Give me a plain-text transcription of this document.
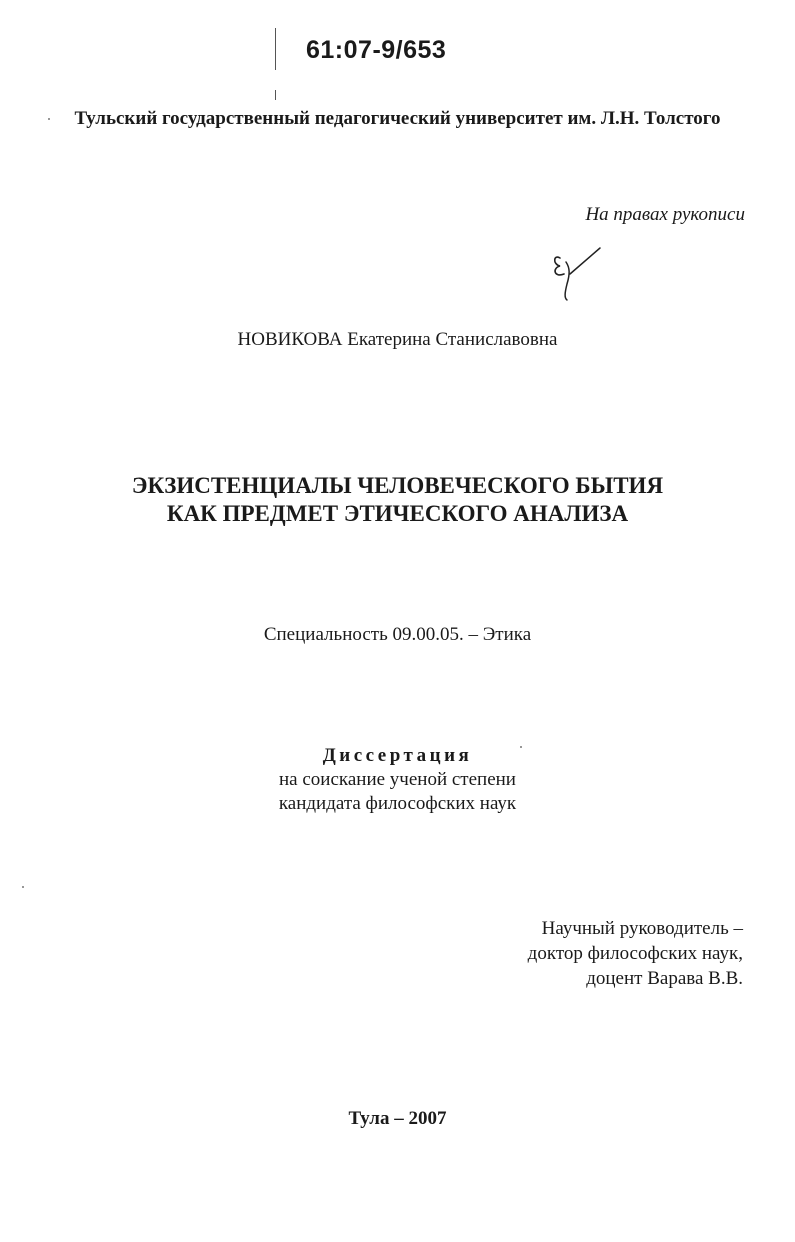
61:07-9/653
Тульский государственный педагогический университет им. Л.Н. Толстого
На правах рукописи
НОВИКОВА Екатерина Станиславовна
ЭКЗИСТЕНЦИАЛЫ ЧЕЛОВЕЧЕСКОГО БЫТИЯ
КАК ПРЕДМЕТ ЭТИЧЕСКОГО АНАЛИЗА
Специальность 09.00.05. – Этика
Диссертация
на соискание ученой степени
кандидата философских наук
Научный руководитель –
доктор философских наук,
доцент Варава В.В.
Тула – 2007
